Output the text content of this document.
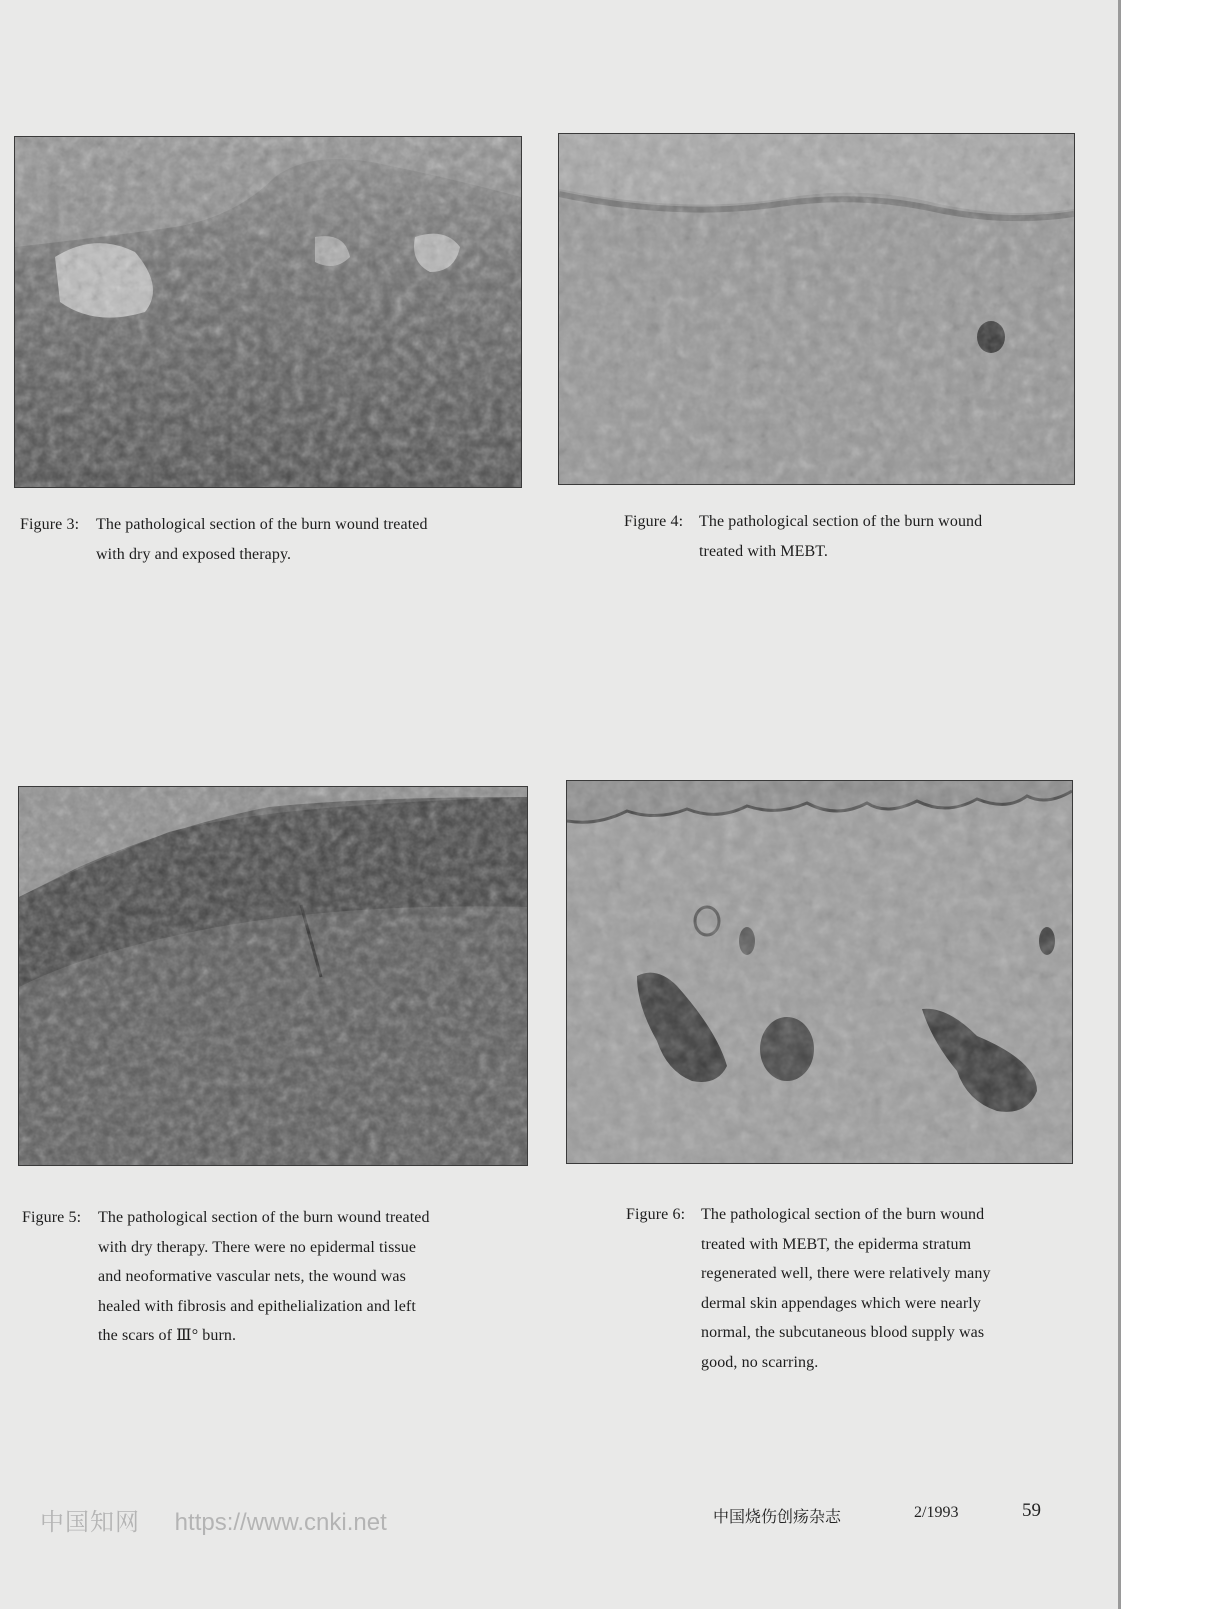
Figure 3: The pathological section of the burn wound treated
with dry and exposed therapy.
Figure 4: The pathological section of the burn wound
treated with MEBT.
Figure 5: The pathological section of the burn wound treated
with dry therapy. There were no epidermal tissue
and neoformative vascular nets, the wound was
healed with fibrosis and epithelialization and left
the scars of Ⅲ° burn.
Figure 6: The pathological section of the burn wound
treated with MEBT, the epiderma stratum
regenerated well, there were relatively many
dermal skin appendages which were nearly
normal, the subcutaneous blood supply was
good, no scarring.
中国知网 https://www.cnki.net	中国烧伤创疡杂志	2/1993	59
